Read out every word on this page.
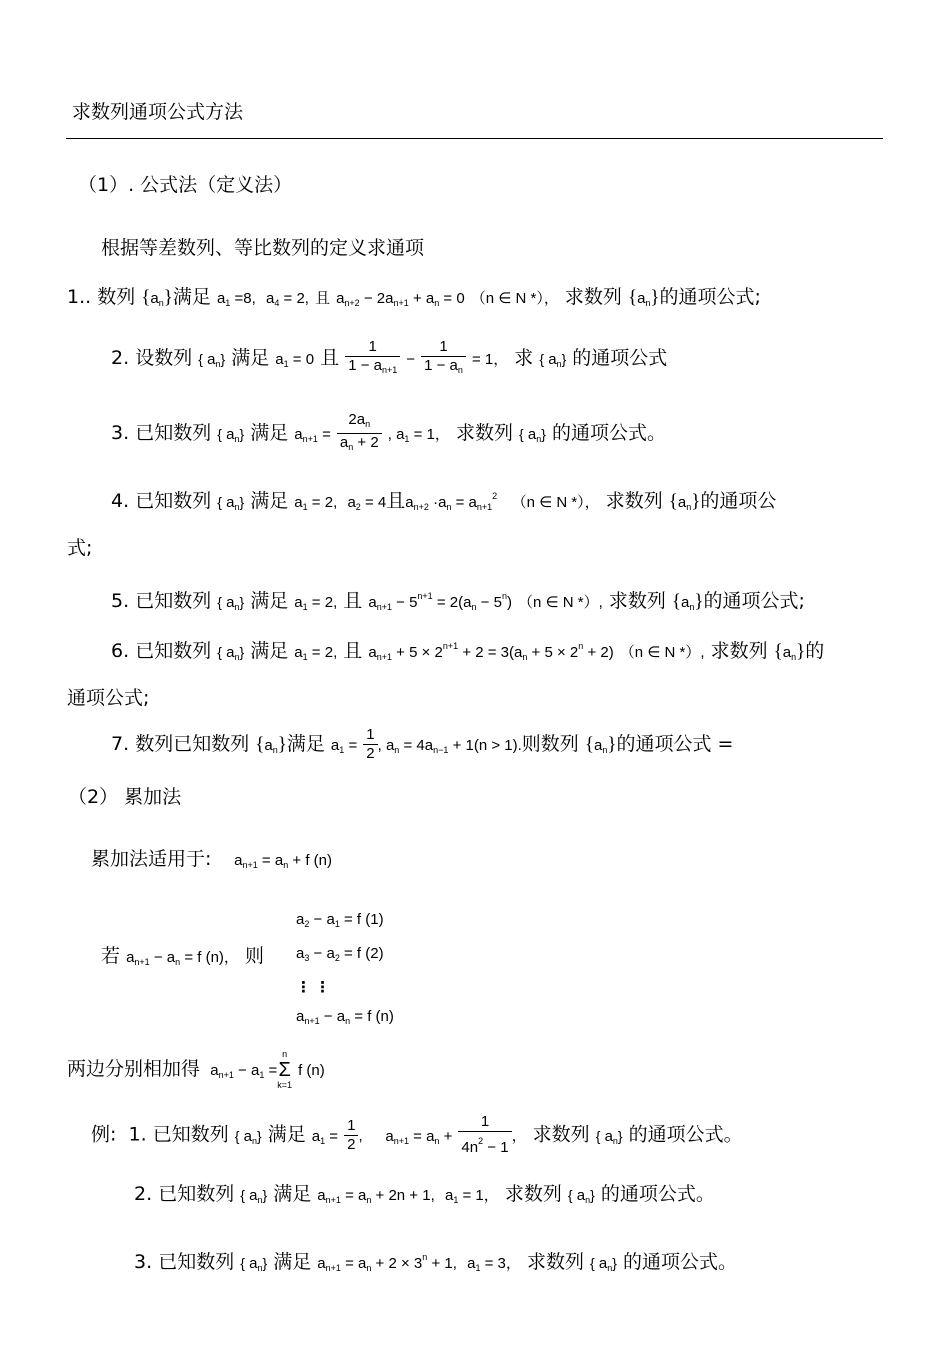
求数列通项公式方法
（1）. 公式法（定义法）
根据等差数列、等比数列的定义求通项
1.. 数列 $\{a_n\}$满足 $a_1 =8$, $a_4 = 2$, 且 $a_{n+2} - 2a_{n+1} + a_n = 0$ （n ∈ N *）， 求数列 $\{a_n\}$的通项公式;
2. 设数列 { $a_n$} 满足 $a_1 = 0$ 且 $\frac{1}{1 - a_{n+1}} - \frac{1}{1 - a_n} = 1$， 求 { $a_n$} 的通项公式
3. 已知数列 { $a_n$} 满足 $a_{n+1} = \frac{2a_n}{a_n + 2}$ , $a_1 = 1$， 求数列 { $a_n$} 的通项公式。
4. 已知数列 { $a_n$} 满足 $a_1 = 2$, $a_2 = 4$且$a_{n+2} \cdot a_n = a_{n+1}^2$ （n ∈ N *）， 求数列 $\{a_n\}$的通项公
式;
5. 已知数列 { $a_n$} 满足 $a_1 = 2$, 且 $a_{n+1} - 5^{n+1} = 2(a_n - 5^n)$ （n ∈ N *）, 求数列 $\{a_n\}$的通项公式;
6. 已知数列 { $a_n$} 满足 $a_1 = 2$, 且 $a_{n+1} + 5 \times 2^{n+1} + 2 = 3(a_n + 5 \times 2^n + 2)$ （n ∈ N *）, 求数列 $\{a_n\}$的
通项公式;
7. 数列已知数列 $\{a_n\}$满足 $a_1 = \frac{1}{2}$ , $a_n = 4a_{n-1} + 1(n > 1)$.则数列 $\{a_n\}$的通项公式 =
（2） 累加法
累加法适用于: $a_{n+1} = a_n + f$ (n)
若 $a_{n+1} - a_n = f$ (n)， 则
$a_2 - a_1 = f$ (1)
$a_3 - a_2 = f$ (2)
⋮ ⋮
$a_{n+1} - a_n = f$ (n)
两边分别相加得 $a_{n+1} - a_1$ =
n
Σ
k=1
f (n)
例: 1. 已知数列 { $a_n$} 满足 $a_1 = \frac{1}{2}$ , $a_{n+1} = a_n + \frac{1}{4n^2 - 1}$ ， 求数列 { $a_n$} 的通项公式。
2. 已知数列 { $a_n$} 满足 $a_{n+1} = a_n + 2n + 1$, $a_1 = 1$， 求数列 { $a_n$} 的通项公式。
3. 已知数列 { $a_n$} 满足 $a_{n+1} = a_n + 2 \times 3^n + 1$, $a_1 = 3$， 求数列 { $a_n$} 的通项公式。
